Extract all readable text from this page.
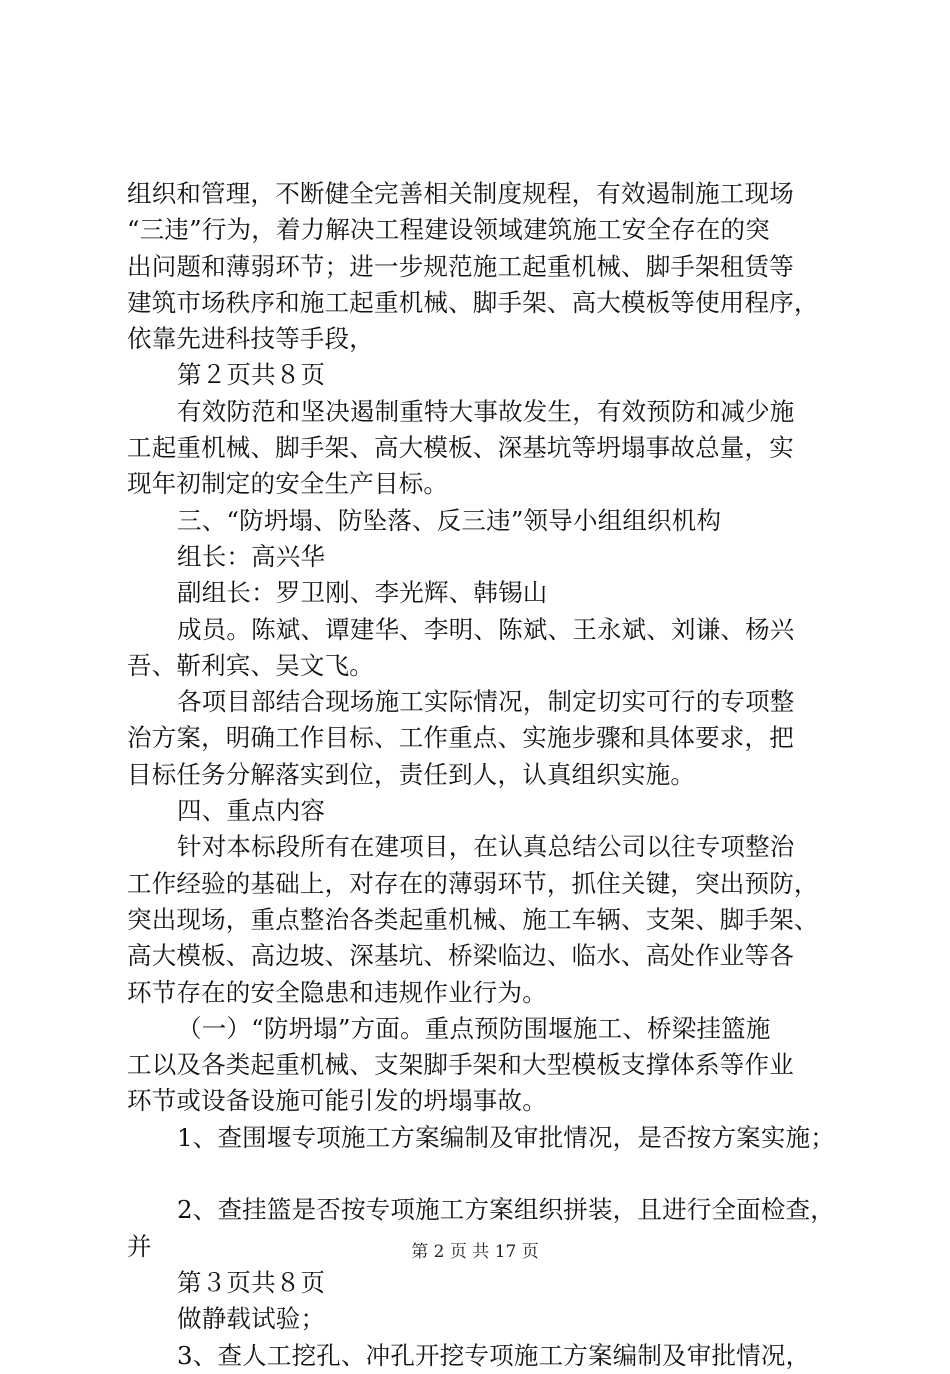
组织和管理，不断健全完善相关制度规程，有效遏制施工现场
“三违”行为，着力解决工程建设领域建筑施工安全存在的突
出问题和薄弱环节；进一步规范施工起重机械、脚手架租赁等
建筑市场秩序和施工起重机械、脚手架、高大模板等使用程序，
依靠先进科技等手段，
第２页共８页
有效防范和坚决遏制重特大事故发生，有效预防和减少施
工起重机械、脚手架、高大模板、深基坑等坍塌事故总量，实
现年初制定的安全生产目标。
三、“防坍塌、防坠落、反三违”领导小组组织机构
组长：高兴华
副组长：罗卫刚、李光辉、韩锡山
成员。陈斌、谭建华、李明、陈斌、王永斌、刘谦、杨兴
吾、靳利宾、吴文飞。
各项目部结合现场施工实际情况，制定切实可行的专项整
治方案，明确工作目标、工作重点、实施步骤和具体要求，把
目标任务分解落实到位，责任到人，认真组织实施。
四、重点内容
针对本标段所有在建项目，在认真总结公司以往专项整治
工作经验的基础上，对存在的薄弱环节，抓住关键，突出预防，
突出现场，重点整治各类起重机械、施工车辆、支架、脚手架、
高大模板、高边坡、深基坑、桥梁临边、临水、高处作业等各
环节存在的安全隐患和违规作业行为。
（一）“防坍塌”方面。重点预防围堰施工、桥梁挂篮施
工以及各类起重机械、支架脚手架和大型模板支撑体系等作业
环节或设备设施可能引发的坍塌事故。
1、查围堰专项施工方案编制及审批情况，是否按方案实施；
2、查挂篮是否按专项施工方案组织拼装，且进行全面检查，
并
第３页共８页
做静载试验；
3、查人工挖孔、冲孔开挖专项施工方案编制及审批情况，
第 2 页 共 17 页
